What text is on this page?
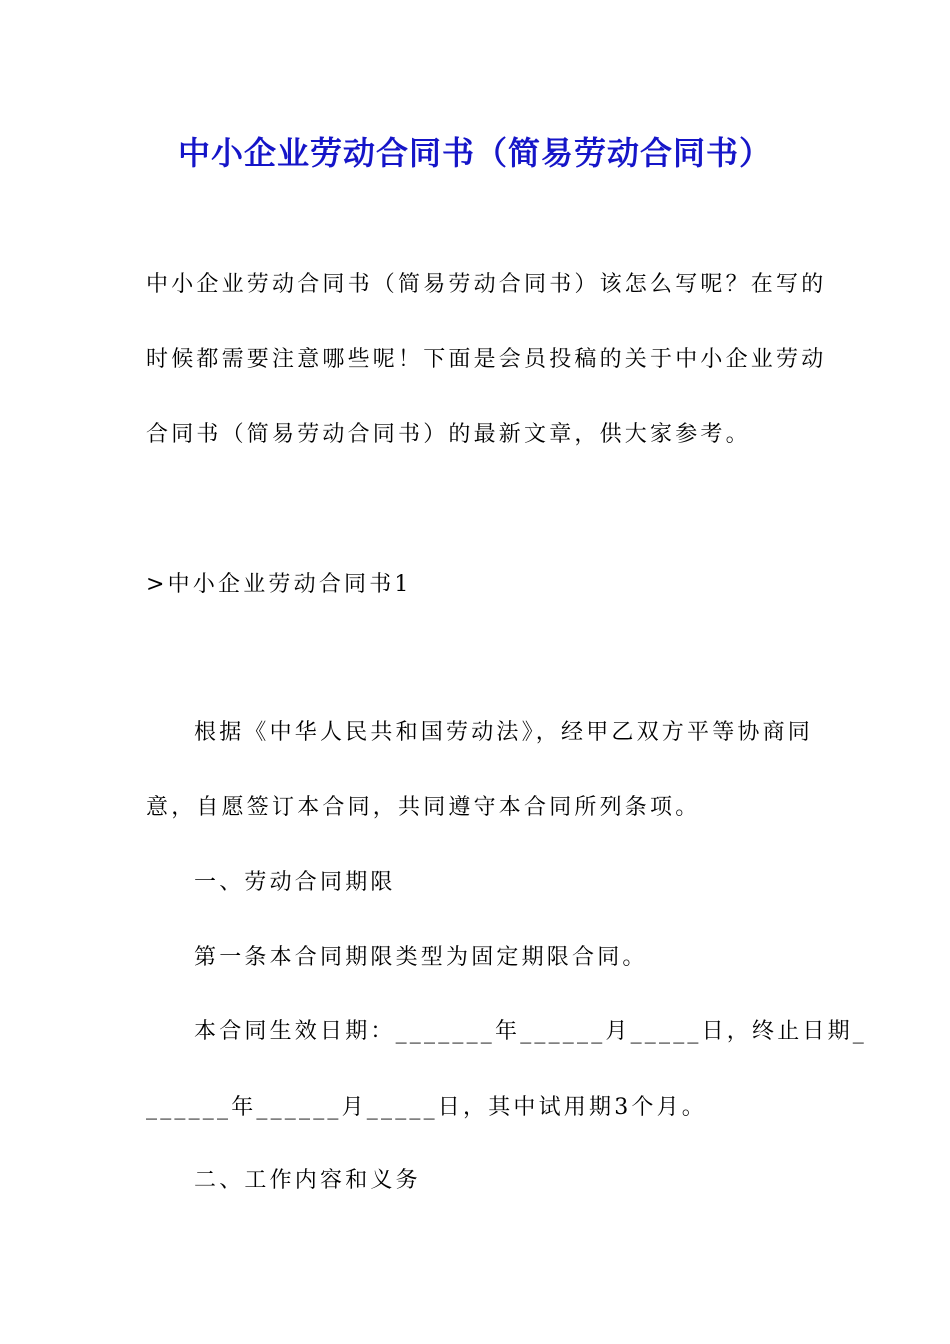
中小企业劳动合同书（简易劳动合同书）
中小企业劳动合同书（简易劳动合同书）该怎么写呢？在写的
时候都需要注意哪些呢！下面是会员投稿的关于中小企业劳动
合同书（简易劳动合同书）的最新文章，供大家参考。
>中小企业劳动合同书1
根据《中华人民共和国劳动法》，经甲乙双方平等协商同
意，自愿签订本合同，共同遵守本合同所列条项。
一、劳动合同期限
第一条本合同期限类型为固定期限合同。
本合同生效日期：_______年______月_____日，终止日期_
______年______月_____日，其中试用期3个月。
二、工作内容和义务
